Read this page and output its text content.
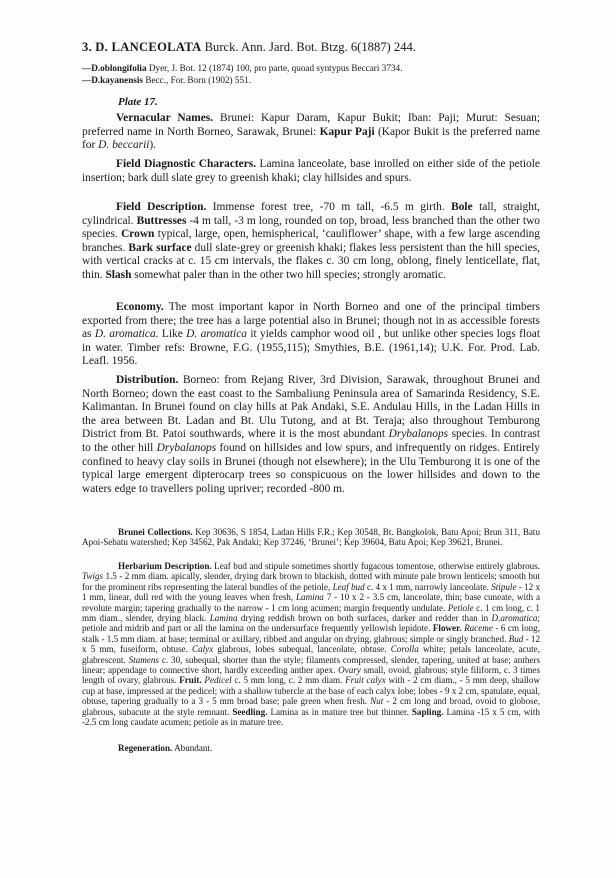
3. D. LANCEOLATA Burck. Ann. Jard. Bot. Btzg. 6(1887) 244.
—D.oblongifolia Dyer, J. Bot. 12 (1874) 100, pro parte, quoad syntypus Beccari 3734.
—D.kayanensis Becc., For. Born (1902) 551.
Plate 17.
Vernacular Names. Brunei: Kapur Daram, Kapur Bukit; Iban: Paji; Murut: Sesuan; preferred name in North Borneo, Sarawak, Brunei: Kapur Paji (Kapor Bukit is the preferred name for D. beccarii).
Field Diagnostic Characters. Lamina lanceolate, base inrolled on either side of the petiole insertion; bark dull slate grey to greenish khaki; clay hillsides and spurs.
Field Description. Immense forest tree, -70 m tall, -6.5 m girth. Bole tall, straight, cylindrical. Buttresses -4 m tall, -3 m long, rounded on top, broad, less branched than the other two species. Crown typical, large, open, hemispherical, ‘cauliflower’ shape, with a few large ascending branches. Bark surface dull slate-grey or greenish khaki; flakes less persistent than the hill species, with vertical cracks at c. 15 cm intervals, the flakes c. 30 cm long, oblong, finely lenticellate, flat, thin. Slash somewhat paler than in the other two hill species; strongly aromatic.
Economy. The most important kapor in North Borneo and one of the principal timbers exported from there; the tree has a large potential also in Brunei; though not in as accessible forests as D. aromatica. Like D. aromatica it yields camphor wood oil , but unlike other species logs float in water. Timber refs: Browne, F.G. (1955,115); Smythies, B.E. (1961,14); U.K. For. Prod. Lab. Leafl. 1956.
Distribution. Borneo: from Rejang River, 3rd Division, Sarawak, throughout Brunei and North Borneo; down the east coast to the Sambaliung Peninsula area of Samarinda Residency, S.E. Kalimantan. In Brunei found on clay hills at Pak Andaki, S.E. Andulau Hills, in the Ladan Hills in the area between Bt. Ladan and Bt. Ulu Tutong, and at Bt. Teraja; also throughout Temburong District from Bt. Patoi southwards, where it is the most abundant Drybalanops species. In contrast to the other hill Drybalanops found on hillsides and low spurs, and infrequently on ridges. Entirely confined to heavy clay soils in Brunei (though not elsewhere); in the Ulu Temburong it is one of the typical large emergent dipterocarp trees so conspicuous on the lower hillsides and down to the waters edge to travellers poling upriver; recorded -800 m.
Brunei Collections. Kep 30636, S 1854, Ladan Hills F.R.; Kep 30548, Bt. Bangkolok, Batu Apoi; Brun 311, Batu Apoi-Sebatu watershed; Kep 34562, Pak Andaki; Kep 37246, ‘Brunei’; Kep 39604, Batu Apoi; Kep 39621, Brunei.
Herbarium Description. Leaf bud and stipule sometimes shortly fugacous tomentose, otherwise entirely glabrous. Twigs 1.5 - 2 mm diam. apically, slender, drying dark brown to blackish, dotted with minute pale brown lenticels; smooth but for the prominent ribs representing the lateral bundles of the petiole, Leaf bud c. 4 x 1 mm, narrowly lanceolate. Stipule - 12 x 1 mm, linear, dull red with the young leaves when fresh, Lamina 7 - 10 x 2 - 3.5 cm, lanceolate, thin; base cuneate, with a revolute margin; tapering gradually to the narrow - 1 cm long acumen; margin frequently undulate. Petiole c. 1 cm long, c. 1 mm diam., slender, drying black. Lamina drying reddish brown on both surfaces, darker and redder than in D.aromatica; petiole and midrib and part or all the lamina on the undersurface frequently yellowish lepidote. Flower. Raceme - 6 cm long, stalk - 1.5 mm diam. at base; terminal or axillary, ribbed and angular on drying, glabrous; simple or singly branched. Bud - 12 x 5 mm, fuseiform, obtuse. Calyx glabrous, lobes subequal, lanceolate, obtuse. Corolla white; petals lanceolate, acute, glabrescent. Stamens c. 30, subequal, shorter than the style; filaments compressed, slender, tapering, united at base; anthers linear; appendage to connective short, hardly exceeding anther apex. Ovary small, ovoid, glabrous; style filiform, c. 3 times length of ovary, glabrous. Fruit. Pedicel c. 5 mm long, c. 2 mm diam. Fruit calyx with - 2 cm diam., - 5 mm deep, shallow cup at base, impressed at the pedicel; with a shallow tubercle at the base of each calyx lobe; lobes - 9 x 2 cm, spatulate, equal, obtuse, tapering gradually to a 3 - 5 mm broad base; pale green when fresh. Nut - 2 cm long and broad, ovoid to globose, glabrous, subacute at the style remnant. Seedling. Lamina as in mature tree but thinner. Sapling. Lamina -15 x 5 cm, with -2.5 cm long caudate acumen; petiole as in mature tree.
Regeneration. Abundant.
